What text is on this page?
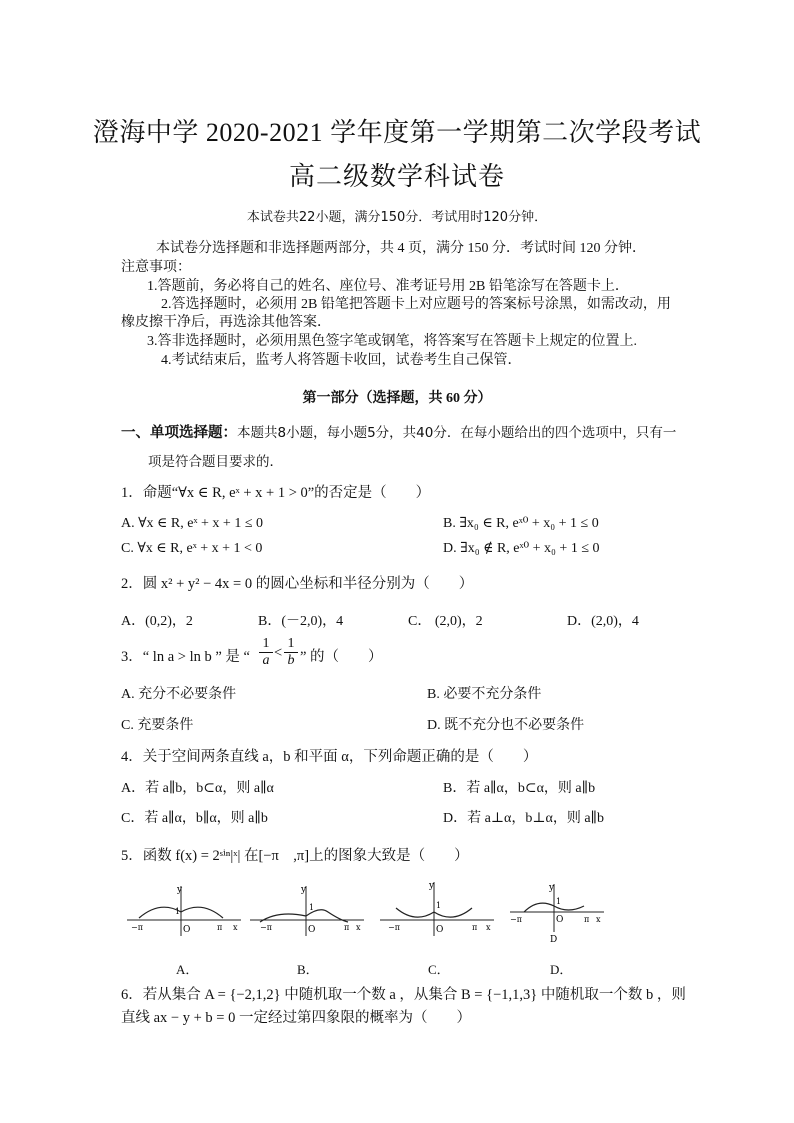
澄海中学 2020-2021 学年度第一学期第二次学段考试
高二级数学科试卷
本试卷共22小题，满分150分．考试用时120分钟．
本试卷分选择题和非选择题两部分，共 4 页，满分 150 分．考试时间 120 分钟．
注意事项：
1.答题前，务必将自己的姓名、座位号、准考证号用 2B 铅笔涂写在答题卡上．
2.答选择题时，必须用 2B 铅笔把答题卡上对应题号的答案标号涂黑，如需改动，用
橡皮擦干净后，再选涂其他答案．
3.答非选择题时，必须用黑色签字笔或钢笔，将答案写在答题卡上规定的位置上.
4.考试结束后，监考人将答题卡收回，试卷考生自己保管．
第一部分（选择题，共 60 分）
一、单项选择题：本题共8小题，每小题5分，共40分．在每小题给出的四个选项中，只有一
项是符合题目要求的．
1．命题“∀x ∈ R, eˣ + x + 1 > 0”的否定是（　　）
A. ∀x ∈ R, eˣ + x + 1 ≤ 0	B. ∃x₀ ∈ R, eˣ⁰ + x₀ + 1 ≤ 0
C. ∀x ∈ R, eˣ + x + 1 < 0	D. ∃x₀ ∉ R, eˣ⁰ + x₀ + 1 ≤ 0
2．圆 x² + y² − 4x = 0 的圆心坐标和半径分别为（　　）
A．(0,2)，2	B．(－2,0)，4	C． (2,0)，2	D．(2,0)，4
3．“ ln a > ln b ” 是 “ $\frac{1}{a} < \frac{1}{b}$ ” 的（　　）
A. 充分不必要条件	B. 必要不充分条件
C. 充要条件	D. 既不充分也不必要条件
4．关于空间两条直线 a，b 和平面 α，下列命题正确的是（　　）
A．若 a∥b，b⊂α，则 a∥α	B．若 a∥α，b⊂α，则 a∥b
C．若 a∥α，b∥α，则 a∥b	D．若 a⊥α，b⊥α，则 a∥b
5．函数 f(x) = 2ˢⁱⁿ|ˣ| 在[−π　,π]上的图象大致是（　　）
y
x
O
−π	π
1
A．
y
x
O
−π	π
1
B．
y
x
O
−π	π
1
C．
y
x
O
−π	π
1
D
D．
6．若从集合 A = {−2,1,2} 中随机取一个数 a ，从集合 B = {−1,1,3} 中随机取一个数 b ，则
直线 ax − y + b = 0 一定经过第四象限的概率为（　　）
